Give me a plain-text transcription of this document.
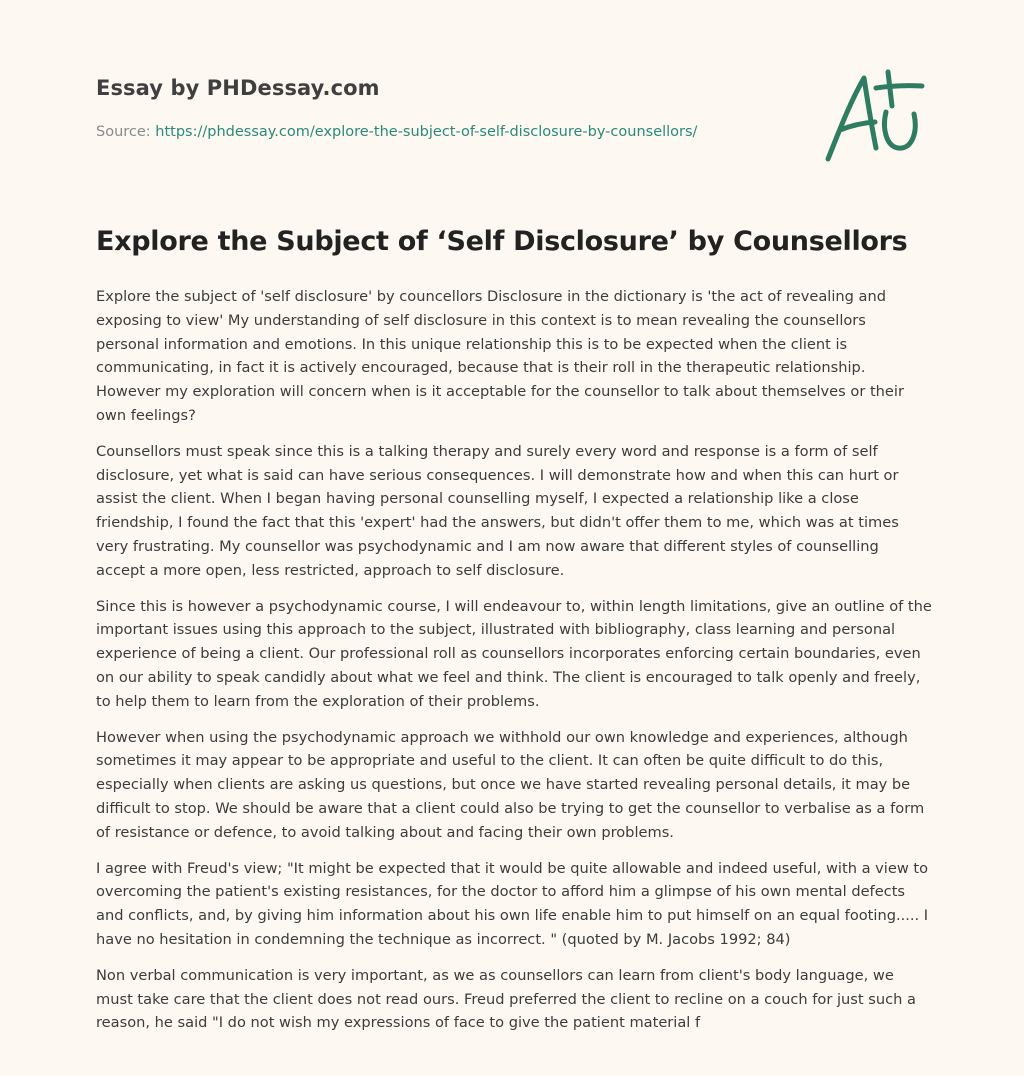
Essay by PHDessay.com
Source: https://phdessay.com/explore-the-subject-of-self-disclosure-by-counsellors/
Explore the Subject of ‘Self Disclosure’ by Counsellors

Explore the subject of 'self disclosure' by councellors Disclosure in the dictionary is 'the act of revealing and exposing to view' My understanding of self disclosure in this context is to mean revealing the counsellors personal information and emotions. In this unique relationship this is to be expected when the client is communicating, in fact it is actively encouraged, because that is their roll in the therapeutic relationship. However my exploration will concern when is it acceptable for the counsellor to talk about themselves or their own feelings?

Counsellors must speak since this is a talking therapy and surely every word and response is a form of self disclosure, yet what is said can have serious consequences. I will demonstrate how and when this can hurt or assist the client. When I began having personal counselling myself, I expected a relationship like a close friendship, I found the fact that this 'expert' had the answers, but didn't offer them to me, which was at times very frustrating. My counsellor was psychodynamic and I am now aware that different styles of counselling accept a more open, less restricted, approach to self disclosure.

Since this is however a psychodynamic course, I will endeavour to, within length limitations, give an outline of the important issues using this approach to the subject, illustrated with bibliography, class learning and personal experience of being a client. Our professional roll as counsellors incorporates enforcing certain boundaries, even on our ability to speak candidly about what we feel and think. The client is encouraged to talk openly and freely, to help them to learn from the exploration of their problems.

However when using the psychodynamic approach we withhold our own knowledge and experiences, although sometimes it may appear to be appropriate and useful to the client. It can often be quite difficult to do this, especially when clients are asking us questions, but once we have started revealing personal details, it may be difficult to stop. We should be aware that a client could also be trying to get the counsellor to verbalise as a form of resistance or defence, to avoid talking about and facing their own problems.

I agree with Freud's view; "It might be expected that it would be quite allowable and indeed useful, with a view to overcoming the patient's existing resistances, for the doctor to afford him a glimpse of his own mental defects and conflicts, and, by giving him information about his own life enable him to put himself on an equal footing..... I have no hesitation in condemning the technique as incorrect. " (quoted by M. Jacobs 1992; 84)

Non verbal communication is very important, as we as counsellors can learn from client's body language, we must take care that the client does not read ours. Freud preferred the client to recline on a couch for just such a reason, he said "I do not wish my expressions of face to give the patient material f
